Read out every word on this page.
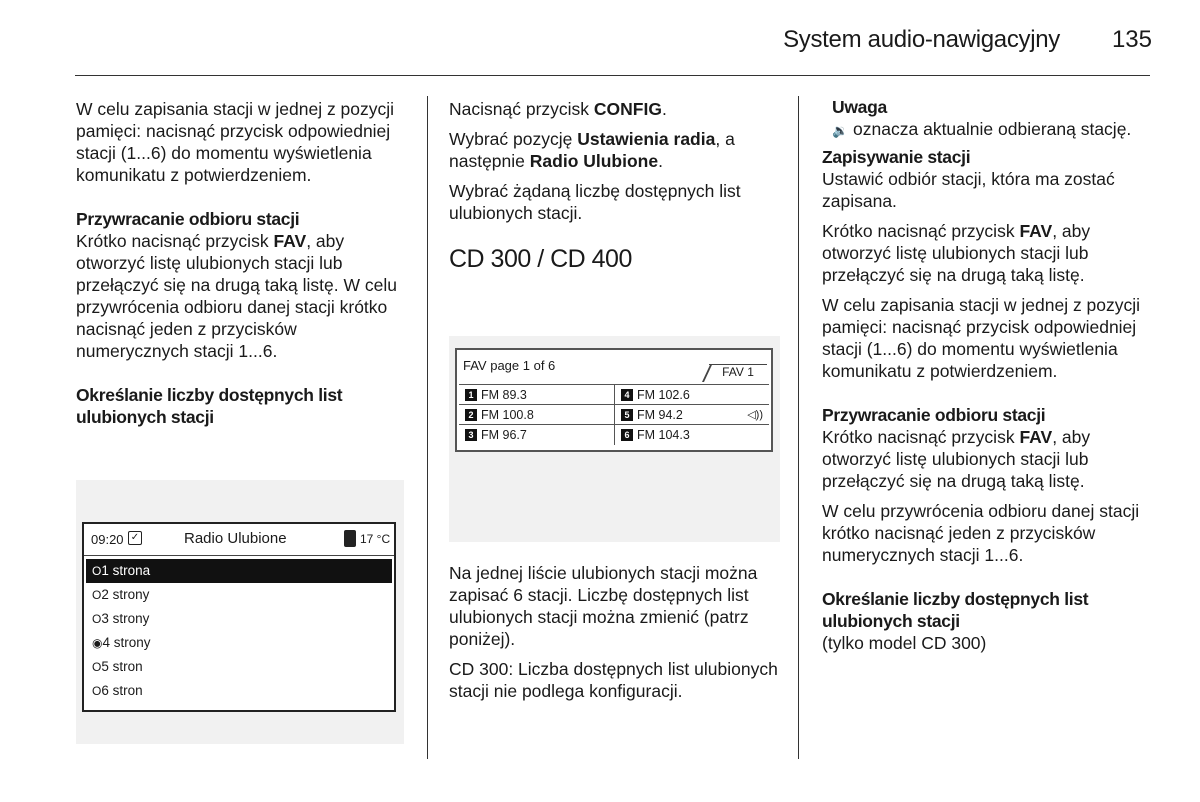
System audio-nawigacyjny 135

W celu zapisania stacji w jednej z pozycji pamięci: nacisnąć przycisk odpowiedniej stacji (1...6) do momentu wyświetlenia komunikatu z potwierdzeniem.

Przywracanie odbioru stacji

Krótko nacisnąć przycisk FAV, aby otworzyć listę ulubionych stacji lub przełączyć się na drugą taką listę. W celu przywrócenia odbioru danej stacji krótko nacisnąć jeden z przycisków numerycznych stacji 1...6.

Określanie liczby dostępnych list ulubionych stacji
09:20 ✓	Radio Ulubione	17 °C
O1 strona
O2 strony
O3 strony
◉4 strony
O5 stron
O6 stron

Nacisnąć przycisk CONFIG.

Wybrać pozycję Ustawienia radia, a następnie Radio Ulubione.

Wybrać żądaną liczbę dostępnych list ulubionych stacji.

CD 300 / CD 400
FAV page 1 of 6	FAV 1
1 FM 89.3	4 FM 102.6
2 FM 100.8	5 FM 94.2	◁))
3 FM 96.7	6 FM 104.3

Na jednej liście ulubionych stacji można zapisać 6 stacji. Liczbę dostępnych list ulubionych stacji można zmienić (patrz poniżej).

CD 300: Liczba dostępnych list ulubionych stacji nie podlega konfiguracji.

Uwaga

🔉 oznacza aktualnie odbieraną stację.

Zapisywanie stacji

Ustawić odbiór stacji, która ma zostać zapisana.

Krótko nacisnąć przycisk FAV, aby otworzyć listę ulubionych stacji lub przełączyć się na drugą taką listę.

W celu zapisania stacji w jednej z pozycji pamięci: nacisnąć przycisk odpowiedniej stacji (1...6) do momentu wyświetlenia komunikatu z potwierdzeniem.

Przywracanie odbioru stacji

Krótko nacisnąć przycisk FAV, aby otworzyć listę ulubionych stacji lub przełączyć się na drugą taką listę.

W celu przywrócenia odbioru danej stacji krótko nacisnąć jeden z przycisków numerycznych stacji 1...6.

Określanie liczby dostępnych list ulubionych stacji

(tylko model CD 300)
